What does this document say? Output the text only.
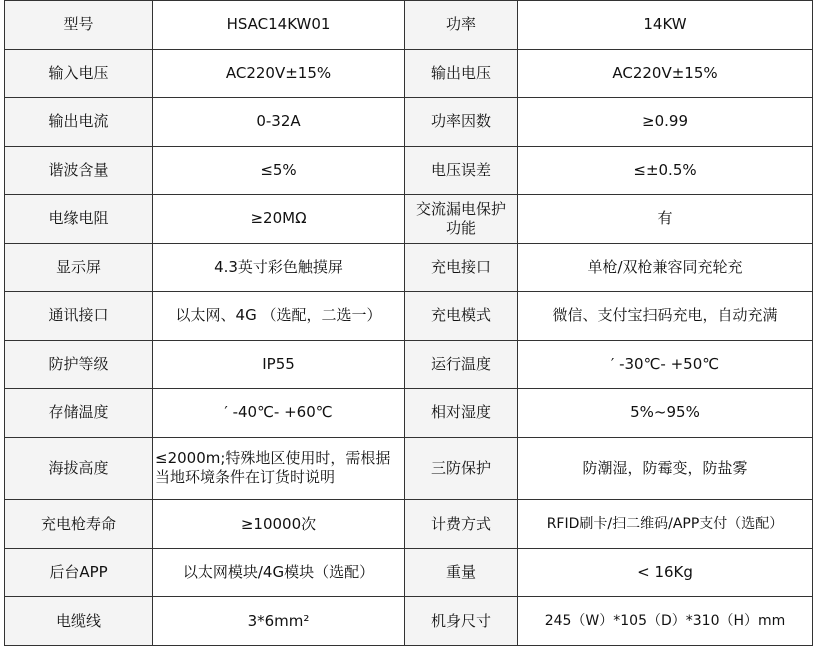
型号	HSAC14KW01	功率	14KW
输入电压	AC220V±15%	输出电压	AC220V±15%
输出电流	0-32A	功率因数	≥0.99
谐波含量	≤5%	电压误差	≤±0.5%
电缘电阻	≥20MΩ	交流漏电保护功能	有
显示屏	4.3英寸彩色触摸屏	充电接口	单枪/双枪兼容同充轮充
通讯接口	以太网、4G （选配，二选一）	充电模式	微信、支付宝扫码充电，自动充满
防护等级	IP55	运行温度	′ -30℃- +50℃
存储温度	′ -40℃- +60℃	相对湿度	5%~95%
海拔高度	≤2000m;特殊地区使用时，需根据当地环境条件在订货时说明	三防保护	防潮湿，防霉变，防盐雾
充电枪寿命	≥10000次	计费方式	RFID刷卡/扫二维码/APP支付（选配）
后台APP	以太网模块/4G模块（选配）	重量	< 16Kg
电缆线	3*6mm²	机身尺寸	245（W）*105（D）*310（H）mm
